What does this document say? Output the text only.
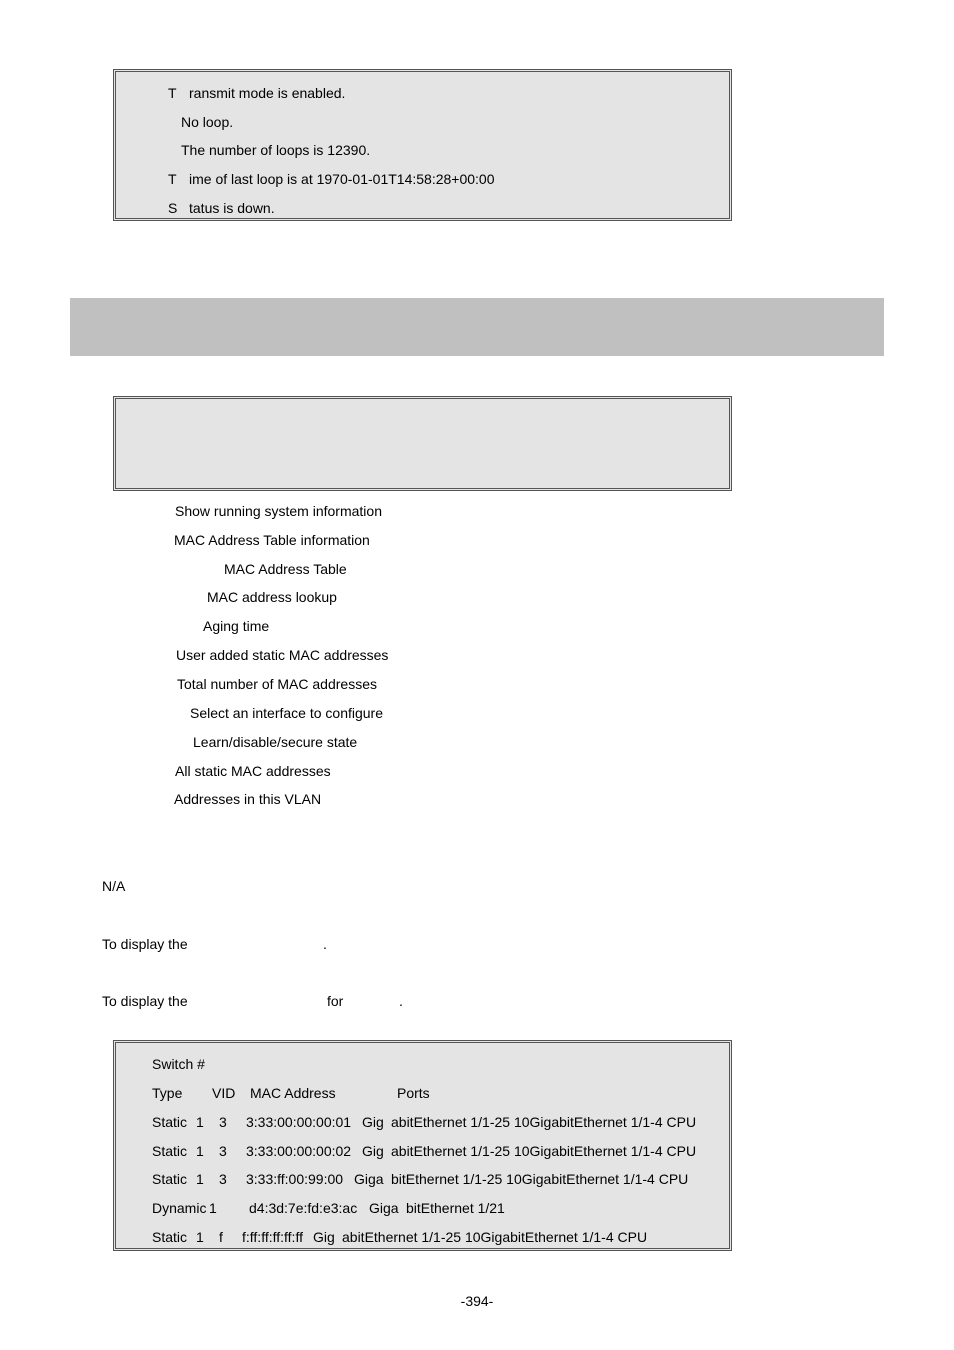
T ransmit mode is enabled.
No loop.
The number of loops is 12390.
T ime of last loop is at 1970-01-01T14:58:28+00:00
S tatus is down.
Show running system information
MAC Address Table information
MAC Address Table
MAC address lookup
Aging time
User added static MAC addresses
Total number of MAC addresses
Select an interface to configure
Learn/disable/secure state
All static MAC addresses
Addresses in this VLAN
N/A
To display the	.
To display the	for	.
Switch #
Type VID MAC Address	Ports
Static 1 3 3:33:00:00:00:01 Gig abitEthernet 1/1-25 10GigabitEthernet 1/1-4 CPU
Static 1 3 3:33:00:00:00:02 Gig abitEthernet 1/1-25 10GigabitEthernet 1/1-4 CPU
Static 1 3 3:33:ff:00:99:00 Giga bitEthernet 1/1-25 10GigabitEthernet 1/1-4 CPU
Dynamic 1 d4:3d:7e:fd:e3:ac Giga bitEthernet 1/21
Static 1 f f:ff:ff:ff:ff:ff Gig abitEthernet 1/1-25 10GigabitEthernet 1/1-4 CPU
-394-
